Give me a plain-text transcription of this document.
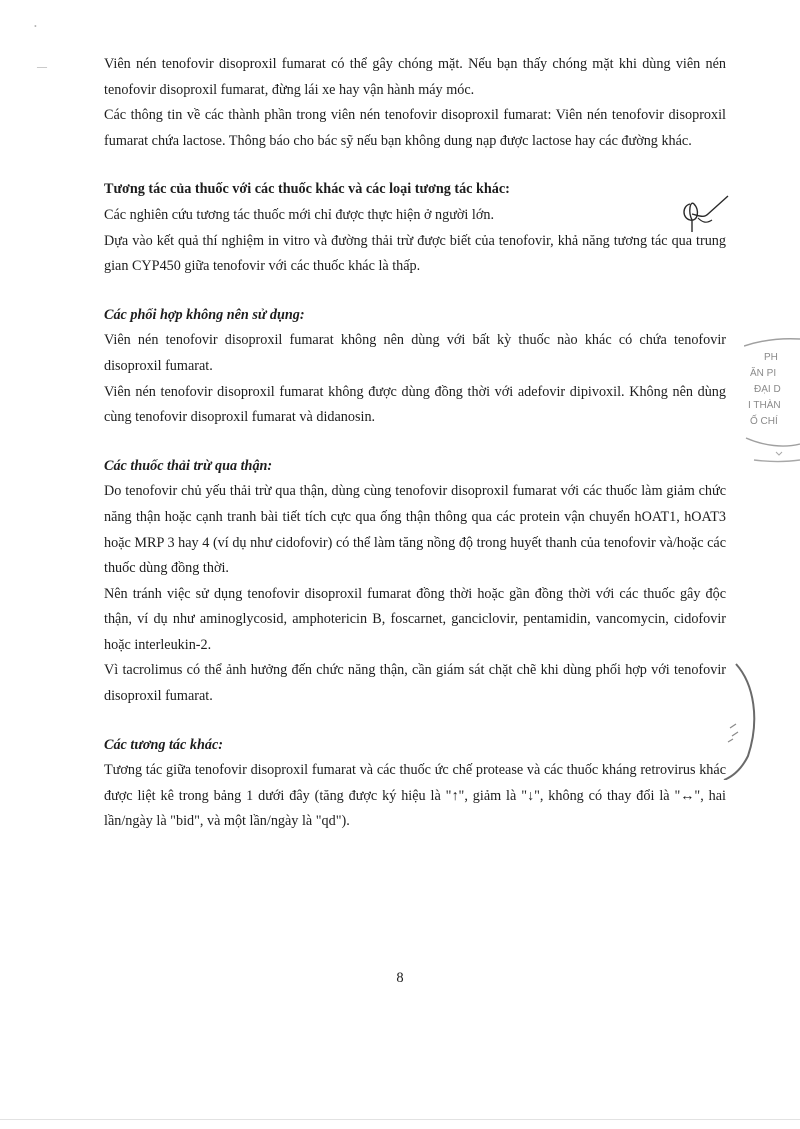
•
—	Viên nén tenofovir disoproxil fumarat có thể gây chóng mặt. Nếu bạn thấy chóng mặt khi dùng viên nén tenofovir disoproxil fumarat, đừng lái xe hay vận hành máy móc.

Các thông tin về các thành phần trong viên nén tenofovir disoproxil fumarat: Viên nén tenofovir disoproxil fumarat chứa lactose. Thông báo cho bác sỹ nếu bạn không dung nạp được lactose hay các đường khác.

Tương tác của thuốc với các thuốc khác và các loại tương tác khác:

Các nghiên cứu tương tác thuốc mới chỉ được thực hiện ở người lớn.

Dựa vào kết quả thí nghiệm in vitro và đường thải trừ được biết của tenofovir, khả năng tương tác qua trung gian CYP450 giữa tenofovir với các thuốc khác là thấp.

Các phối hợp không nên sử dụng:

Viên nén tenofovir disoproxil fumarat không nên dùng với bất kỳ thuốc nào khác có chứa tenofovir disoproxil fumarat.

Viên nén tenofovir disoproxil fumarat không được dùng đồng thời với adefovir dipivoxil. Không nên dùng cùng tenofovir disoproxil fumarat và didanosin.

Các thuốc thải trừ qua thận:

Do tenofovir chủ yếu thải trừ qua thận, dùng cùng tenofovir disoproxil fumarat với các thuốc làm giảm chức năng thận hoặc cạnh tranh bài tiết tích cực qua ống thận thông qua các protein vận chuyển hOAT1, hOAT3 hoặc MRP 3 hay 4 (ví dụ như cidofovir) có thể làm tăng nồng độ trong huyết thanh của tenofovir và/hoặc các thuốc dùng đồng thời.

Nên tránh việc sử dụng tenofovir disoproxil fumarat đồng thời hoặc gần đồng thời với các thuốc gây độc thận, ví dụ như aminoglycosid, amphotericin B, foscarnet, ganciclovir, pentamidin, vancomycin, cidofovir hoặc interleukin-2.

Vì tacrolimus có thể ảnh hưởng đến chức năng thận, cần giám sát chặt chẽ khi dùng phối hợp với tenofovir disoproxil fumarat.

Các tương tác khác:

Tương tác giữa tenofovir disoproxil fumarat và các thuốc ức chế protease và các thuốc kháng retrovirus khác được liệt kê trong bảng 1 dưới đây (tăng được ký hiệu là "↑", giảm là "↓", không có thay đổi là "↔", hai lần/ngày là "bid", và một lần/ngày là "qd").

PH
ĂN PI
ĐẠI D
I THÀN
Ố CHÍ
8
